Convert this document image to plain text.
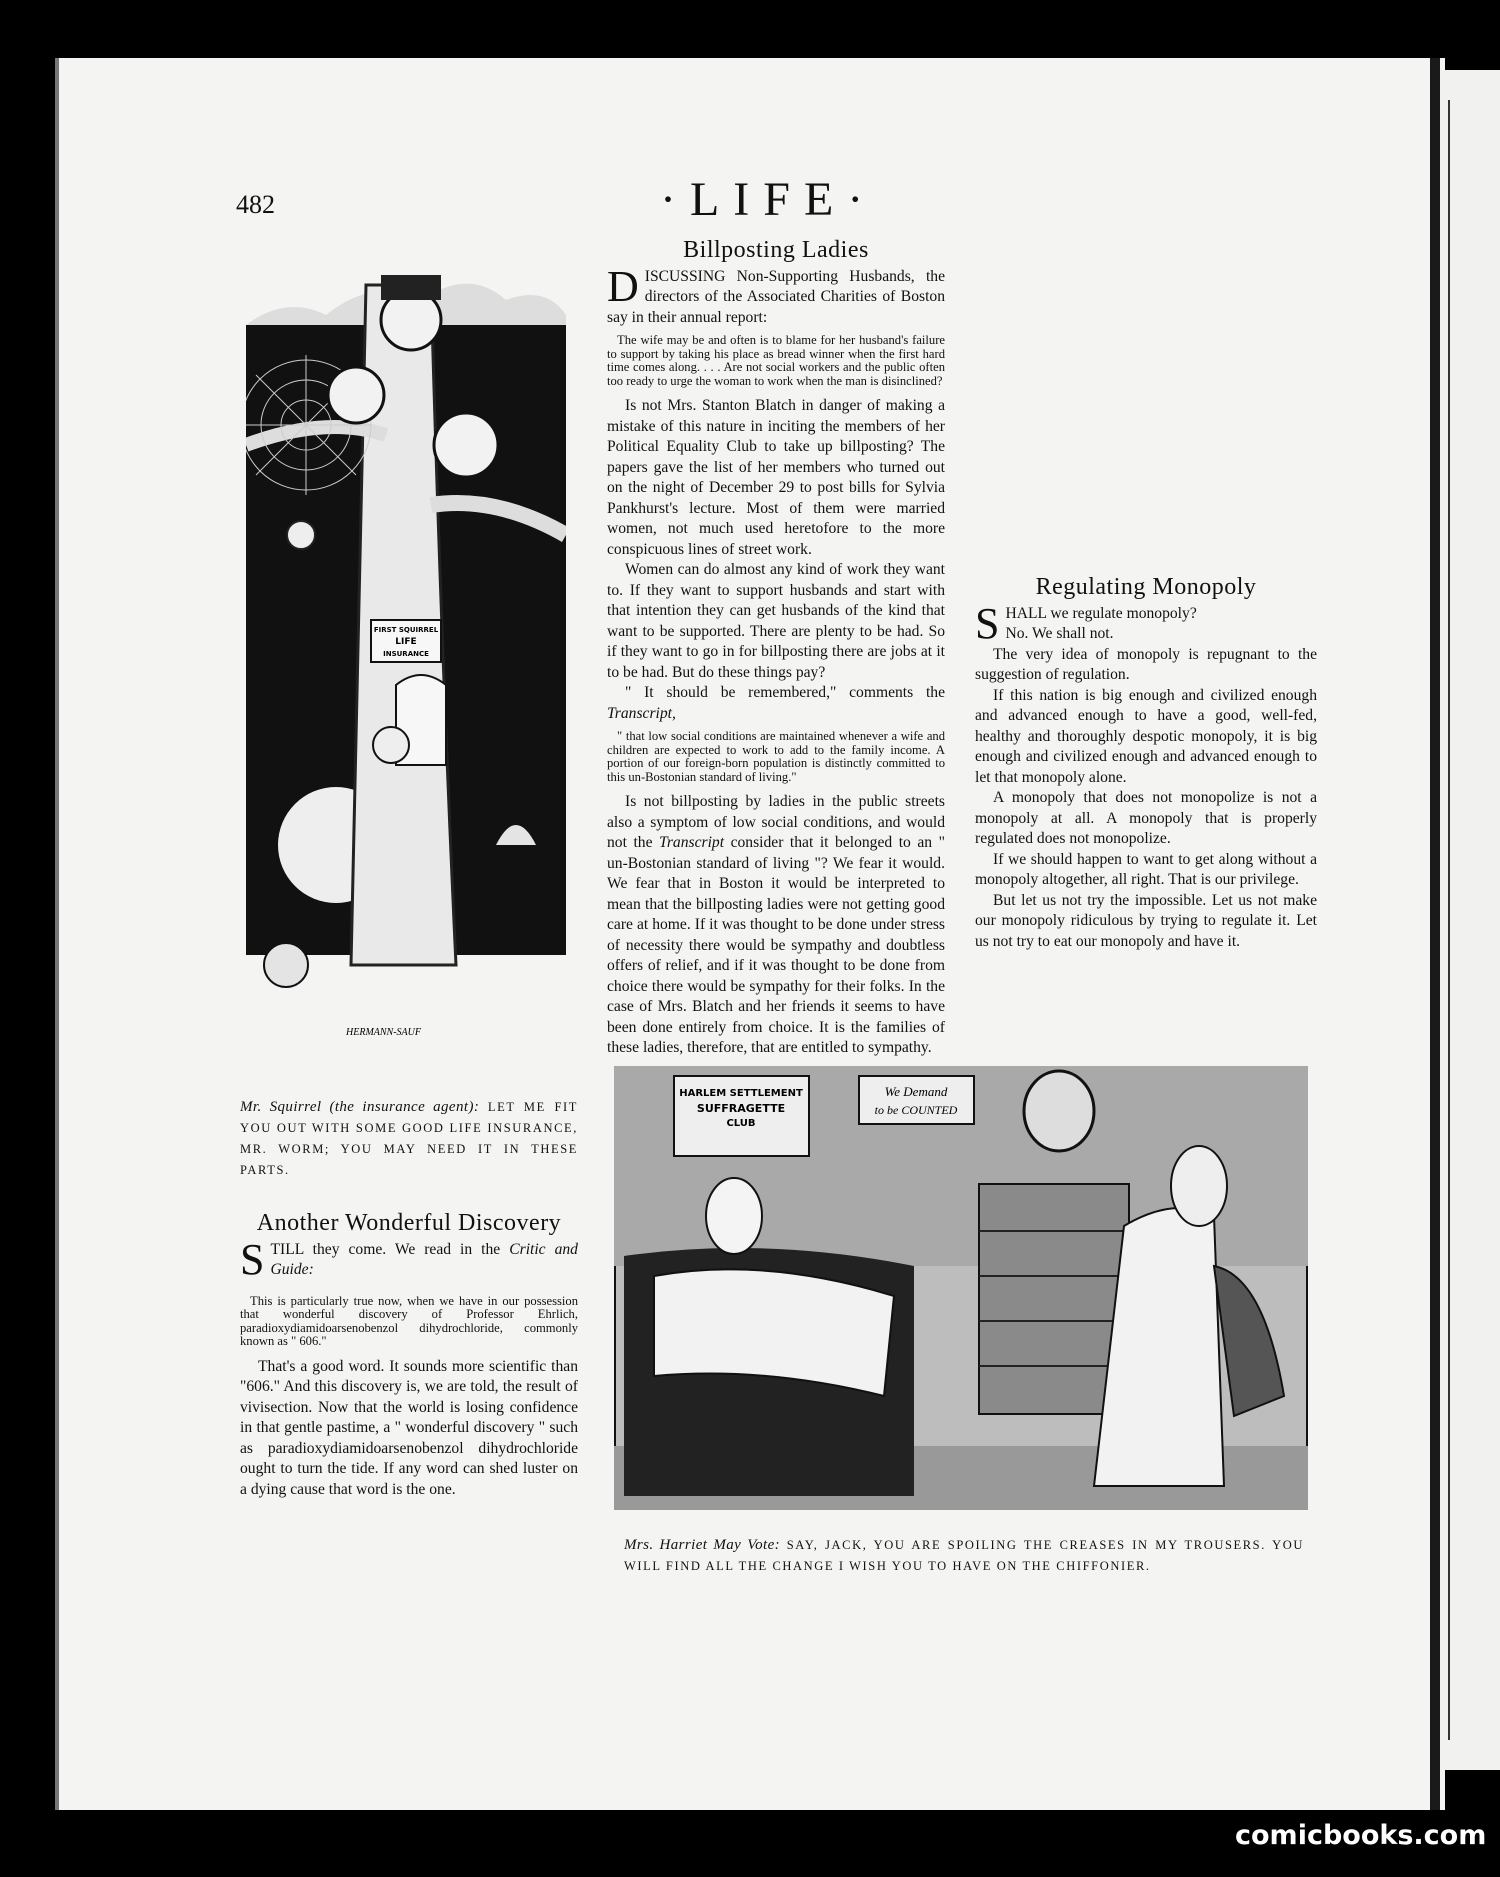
482	·LIFE·
FIRST SQUIRREL
LIFE
INSURANCE
HERMANN-SAUF
Billposting Ladies

DISCUSSING Non-Supporting Husbands, the directors of the Associated Charities of Boston say in their annual report:

The wife may be and often is to blame for her husband's failure to support by taking his place as bread winner when the first hard time comes along. . . . Are not social workers and the public often too ready to urge the woman to work when the man is disinclined?

Is not Mrs. Stanton Blatch in danger of making a mistake of this nature in inciting the members of her Political Equality Club to take up billposting? The papers gave the list of her members who turned out on the night of December 29 to post bills for Sylvia Pankhurst's lecture. Most of them were married women, not much used heretofore to the more conspicuous lines of street work.

Women can do almost any kind of work they want to. If they want to support husbands and start with that intention they can get husbands of the kind that want to be supported. There are plenty to be had. So if they want to go in for billposting there are jobs at it to be had. But do these things pay?

" It should be remembered," comments the Transcript,

" that low social conditions are maintained whenever a wife and children are expected to work to add to the family income. A portion of our foreign-born population is distinctly committed to this un-Bostonian standard of living."

Is not billposting by ladies in the public streets also a symptom of low social conditions, and would not the Transcript consider that it belonged to an " un-Bostonian standard of living "? We fear it would. We fear that in Boston it would be interpreted to mean that the billposting ladies were not getting good care at home. If it was thought to be done under stress of necessity there would be sympathy and doubtless offers of relief, and if it was thought to be done from choice there would be sympathy for their folks. In the case of Mrs. Blatch and her friends it seems to have been done entirely from choice. It is the families of these ladies, therefore, that are entitled to sympathy.

Regulating Monopoly

SHALL we regulate monopoly?
No. We shall not.

The very idea of monopoly is repugnant to the suggestion of regulation.

If this nation is big enough and civilized enough and advanced enough to have a good, well-fed, healthy and thoroughly despotic monopoly, it is big enough and civilized enough and advanced enough to let that monopoly alone.

A monopoly that does not monopolize is not a monopoly at all. A monopoly that is properly regulated does not monopolize.

If we should happen to want to get along without a monopoly altogether, all right. That is our privilege.

But let us not try the impossible. Let us not make our monopoly ridiculous by trying to regulate it. Let us not try to eat our monopoly and have it.

Mr. Squirrel (the insurance agent): LET ME FIT YOU OUT WITH SOME GOOD LIFE INSURANCE, MR. WORM; YOU MAY NEED IT IN THESE PARTS.
Another Wonderful Discovery

STILL they come. We read in the Critic and Guide:

This is particularly true now, when we have in our possession that wonderful discovery of Professor Ehrlich, paradioxydiamidoarsenobenzol dihydrochloride, commonly known as " 606."

That's a good word. It sounds more scientific than "606." And this discovery is, we are told, the result of vivisection. Now that the world is losing confidence in that gentle pastime, a " wonderful discovery " such as paradioxydiamidoarsenobenzol dihydrochloride ought to turn the tide. If any word can shed luster on a dying cause that word is the one.

HARLEM SETTLEMENT
SUFFRAGETTE
CLUB
We Demand
to be COUNTED
Mrs. Harriet May Vote: SAY, JACK, YOU ARE SPOILING THE CREASES IN MY TROUSERS. YOU WILL FIND ALL THE CHANGE I WISH YOU TO HAVE ON THE CHIFFONIER.
comicbooks.com
